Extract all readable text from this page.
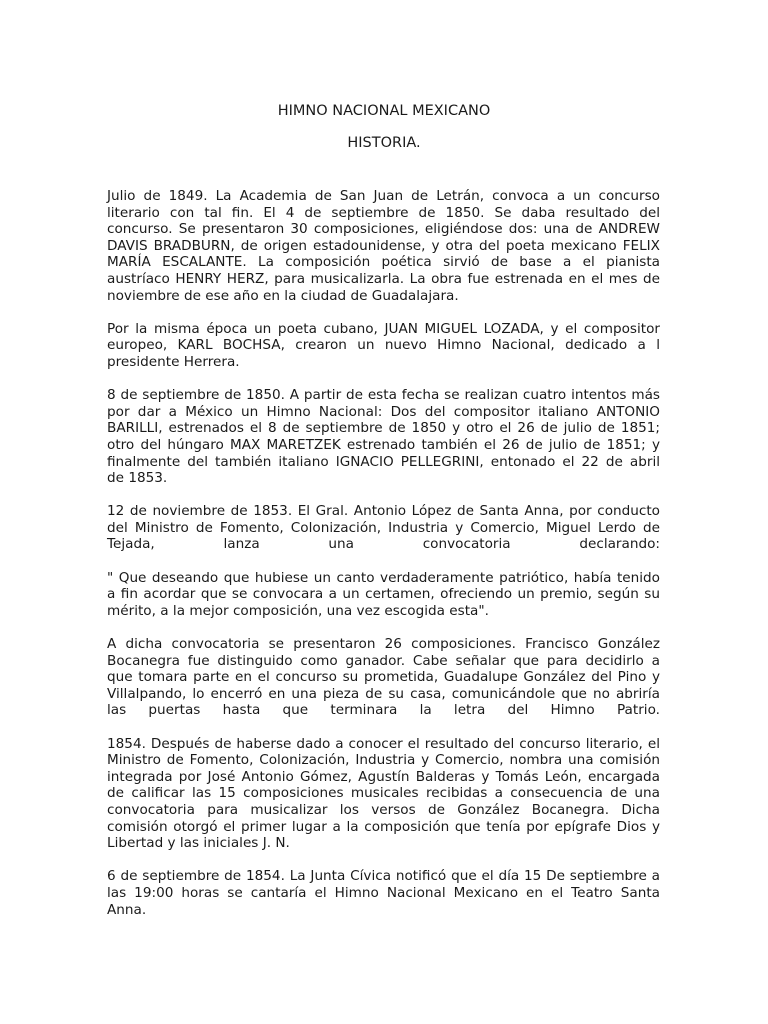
HIMNO NACIONAL MEXICANO
HISTORIA.

Julio de 1849. La Academia de San Juan de Letrán, convoca a un concurso
literario con tal fin. El 4 de septiembre de 1850. Se daba resultado del
concurso. Se presentaron 30 composiciones, eligiéndose dos: una de ANDREW
DAVIS BRADBURN, de origen estadounidense, y otra del poeta mexicano FELIX
MARÍA ESCALANTE. La composición poética sirvió de base a el pianista
austríaco HENRY HERZ, para musicalizarla. La obra fue estrenada en el mes de
noviembre de ese año en la ciudad de Guadalajara.

Por la misma época un poeta cubano, JUAN MIGUEL LOZADA, y el compositor
europeo, KARL BOCHSA, crearon un nuevo Himno Nacional, dedicado a l
presidente Herrera.

8 de septiembre de 1850. A partir de esta fecha se realizan cuatro intentos más
por dar a México un Himno Nacional: Dos del compositor italiano ANTONIO
BARILLI, estrenados el 8 de septiembre de 1850 y otro el 26 de julio de 1851;
otro del húngaro MAX MARETZEK estrenado también el 26 de julio de 1851; y
finalmente del también italiano IGNACIO PELLEGRINI, entonado el 22 de abril
de 1853.

12 de noviembre de 1853. El Gral. Antonio López de Santa Anna, por conducto
del Ministro de Fomento, Colonización, Industria y Comercio, Miguel Lerdo de
Tejada, lanza una convocatoria declarando:

" Que deseando que hubiese un canto verdaderamente patriótico, había tenido
a fin acordar que se convocara a un certamen, ofreciendo un premio, según su
mérito, a la mejor composición, una vez escogida esta".

A dicha convocatoria se presentaron 26 composiciones. Francisco González
Bocanegra fue distinguido como ganador. Cabe señalar que para decidirlo a
que tomara parte en el concurso su prometida, Guadalupe González del Pino y
Villalpando, lo encerró en una pieza de su casa, comunicándole que no abriría
las puertas hasta que terminara la letra del Himno Patrio.

1854. Después de haberse dado a conocer el resultado del concurso literario, el
Ministro de Fomento, Colonización, Industria y Comercio, nombra una comisión
integrada por José Antonio Gómez, Agustín Balderas y Tomás León, encargada
de calificar las 15 composiciones musicales recibidas a consecuencia de una
convocatoria para musicalizar los versos de González Bocanegra. Dicha
comisión otorgó el primer lugar a la composición que tenía por epígrafe Dios y
Libertad y las iniciales J. N.

6 de septiembre de 1854. La Junta Cívica notificó que el día 15 De septiembre a
las 19:00 horas se cantaría el Himno Nacional Mexicano en el Teatro Santa
Anna.
